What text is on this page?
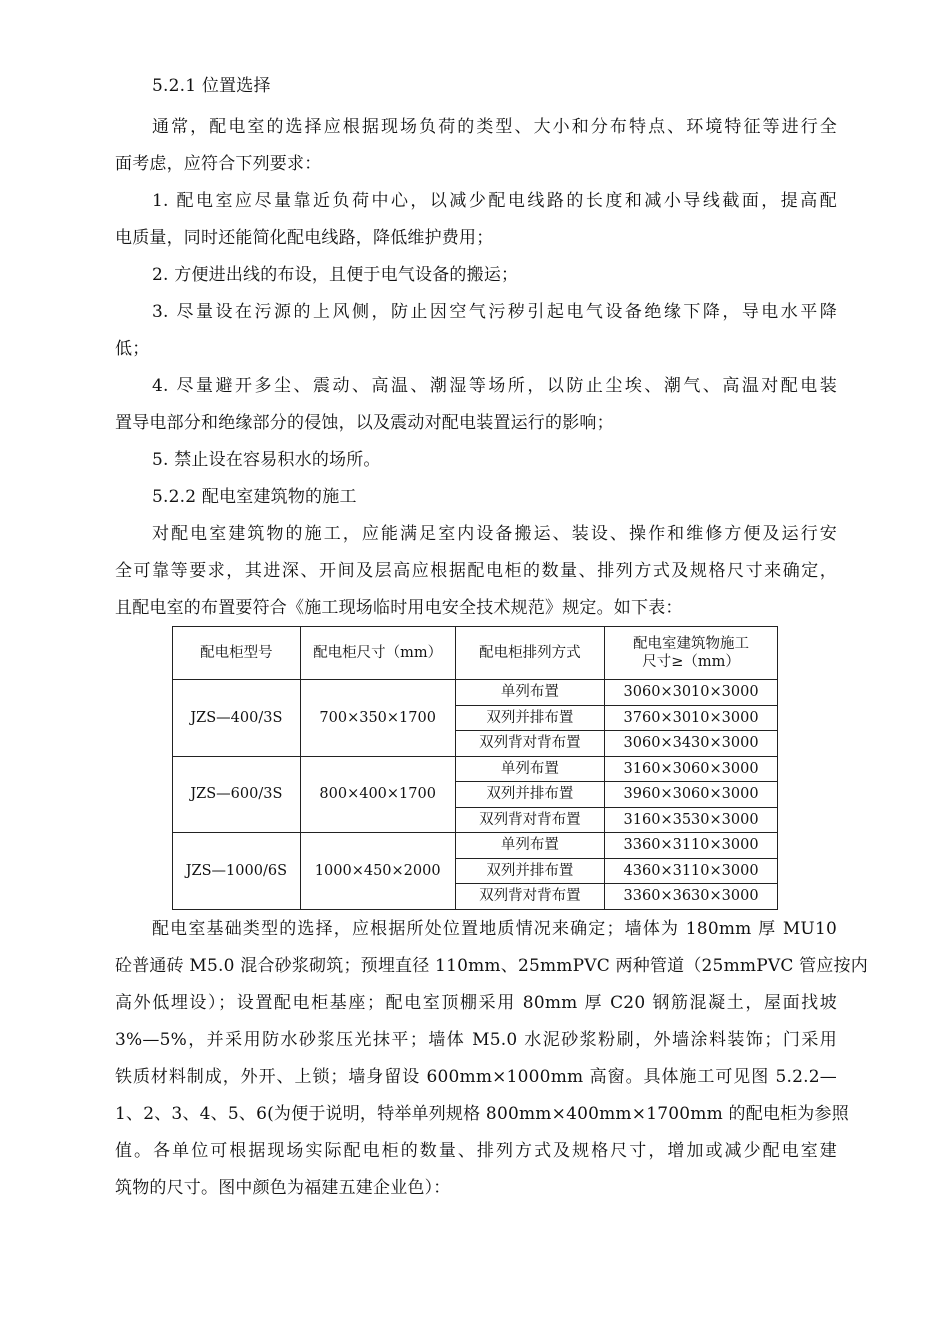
5.2.1 位置选择
通常，配电室的选择应根据现场负荷的类型、大小和分布特点、环境特征等进行全
面考虑，应符合下列要求：
1. 配电室应尽量靠近负荷中心，以减少配电线路的长度和减小导线截面，提高配
电质量，同时还能简化配电线路，降低维护费用；
2. 方便进出线的布设，且便于电气设备的搬运；
3. 尽量设在污源的上风侧，防止因空气污秽引起电气设备绝缘下降，导电水平降
低；
4. 尽量避开多尘、震动、高温、潮湿等场所，以防止尘埃、潮气、高温对配电装
置导电部分和绝缘部分的侵蚀，以及震动对配电装置运行的影响；
5. 禁止设在容易积水的场所。
5.2.2 配电室建筑物的施工
对配电室建筑物的施工，应能满足室内设备搬运、装设、操作和维修方便及运行安
全可靠等要求，其进深、开间及层高应根据配电柜的数量、排列方式及规格尺寸来确定，
且配电室的布置要符合《施工现场临时用电安全技术规范》规定。如下表：
配电柜型号	配电柜尺寸（mm）	配电柜排列方式	配电室建筑物施工
尺寸≥（mm）

JZS—400/3S	700×350×1700	单列布置	3060×3010×3000
		双列并排布置	3760×3010×3000
		双列背对背布置	3060×3430×3000
JZS—600/3S	800×400×1700	单列布置	3160×3060×3000
		双列并排布置	3960×3060×3000
		双列背对背布置	3160×3530×3000
JZS—1000/6S	1000×450×2000	单列布置	3360×3110×3000
		双列并排布置	4360×3110×3000
		双列背对背布置	3360×3630×3000
配电室基础类型的选择，应根据所处位置地质情况来确定；墙体为 180mm 厚 MU10
砼普通砖 M5.0 混合砂浆砌筑；预埋直径 110mm、25mmPVC 两种管道（25mmPVC 管应按内
高外低埋设）；设置配电柜基座；配电室顶棚采用 80mm 厚 C20 钢筋混凝土，屋面找坡
3%—5%，并采用防水砂浆压光抹平；墙体 M5.0 水泥砂浆粉刷，外墙涂料装饰；门采用
铁质材料制成，外开、上锁；墙身留设 600mm×1000mm 高窗。具体施工可见图 5.2.2—
1、2、3、4、5、6(为便于说明，特举单列规格 800mm×400mm×1700mm 的配电柜为参照
值。各单位可根据现场实际配电柜的数量、排列方式及规格尺寸，增加或减少配电室建
筑物的尺寸。图中颜色为福建五建企业色）：
